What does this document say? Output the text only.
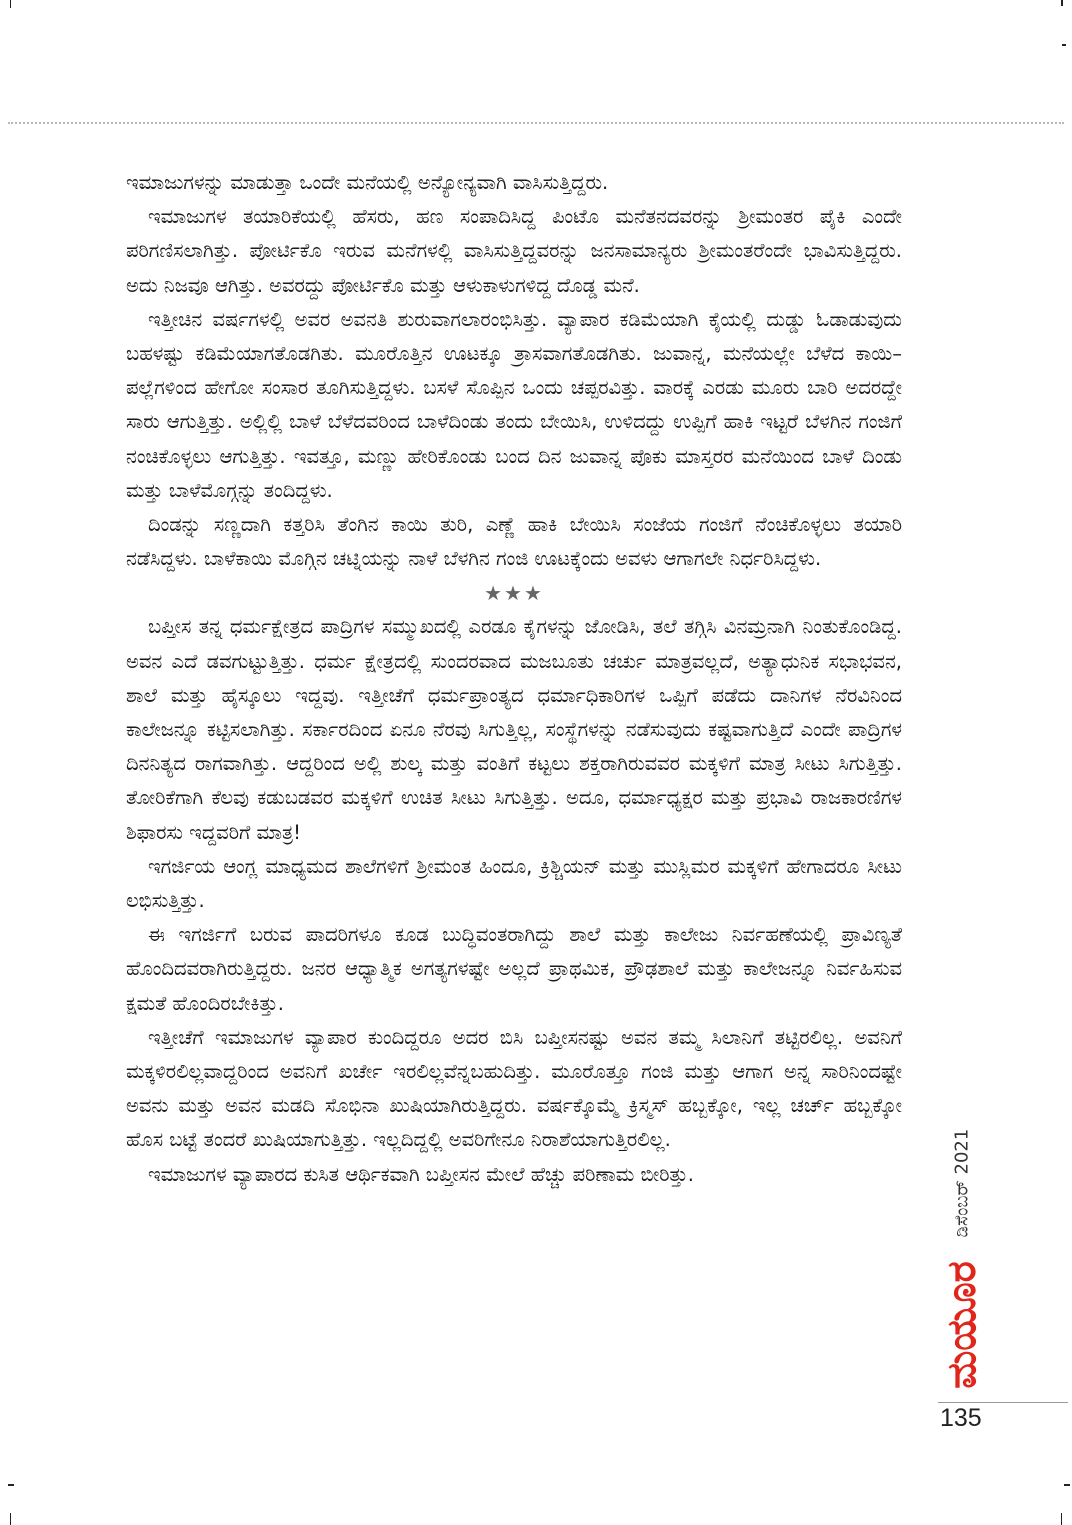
ಇಮಾಜುಗಳನ್ನು ಮಾಡುತ್ತಾ ಒಂದೇ ಮನೆಯಲ್ಲಿ ಅನ್ಯೋನ್ಯವಾಗಿ ವಾಸಿಸುತ್ತಿದ್ದರು.

ಇಮಾಜುಗಳ ತಯಾರಿಕೆಯಲ್ಲಿ ಹೆಸರು, ಹಣ ಸಂಪಾದಿಸಿದ್ದ ಪಿಂಟೊ ಮನೆತನದವರನ್ನು ಶ್ರೀಮಂತರ ಪೈಕಿ ಎಂದೇ ಪರಿಗಣಿಸಲಾಗಿತ್ತು. ಪೋರ್ಟಿಕೊ ಇರುವ ಮನೆಗಳಲ್ಲಿ ವಾಸಿಸುತ್ತಿದ್ದವರನ್ನು ಜನಸಾಮಾನ್ಯರು ಶ್ರೀಮಂತರೆಂದೇ ಭಾವಿಸುತ್ತಿದ್ದರು. ಅದು ನಿಜವೂ ಆಗಿತ್ತು. ಅವರದ್ದು ಪೋರ್ಟಿಕೊ ಮತ್ತು ಆಳುಕಾಳುಗಳಿದ್ದ ದೊಡ್ಡ ಮನೆ.

ಇತ್ತೀಚಿನ ವರ್ಷಗಳಲ್ಲಿ ಅವರ ಅವನತಿ ಶುರುವಾಗಲಾರಂಭಿಸಿತ್ತು. ವ್ಯಾಪಾರ ಕಡಿಮೆಯಾಗಿ ಕೈಯಲ್ಲಿ ದುಡ್ಡು ಓಡಾಡುವುದು ಬಹಳಷ್ಟು ಕಡಿಮೆಯಾಗತೊಡಗಿತು. ಮೂರೊತ್ತಿನ ಊಟಕ್ಕೂ ತ್ರಾಸವಾಗತೊಡಗಿತು. ಜುವಾನ್ನ, ಮನೆಯಲ್ಲೇ ಬೆಳೆದ ಕಾಯಿ–ಪಲ್ಲೆಗಳಿಂದ ಹೇಗೋ ಸಂಸಾರ ತೂಗಿಸುತ್ತಿದ್ದಳು. ಬಸಳೆ ಸೊಪ್ಪಿನ ಒಂದು ಚಪ್ಪರವಿತ್ತು. ವಾರಕ್ಕೆ ಎರಡು ಮೂರು ಬಾರಿ ಅದರದ್ದೇ ಸಾರು ಆಗುತ್ತಿತ್ತು. ಅಲ್ಲಿಲ್ಲಿ ಬಾಳೆ ಬೆಳೆದವರಿಂದ ಬಾಳೆದಿಂಡು ತಂದು ಬೇಯಿಸಿ, ಉಳಿದದ್ದು ಉಪ್ಪಿಗೆ ಹಾಕಿ ಇಟ್ಟರೆ ಬೆಳಗಿನ ಗಂಜಿಗೆ ನಂಚಿಕೊಳ್ಳಲು ಆಗುತ್ತಿತ್ತು. ಇವತ್ತೂ, ಮಣ್ಣು ಹೇರಿಕೊಂಡು ಬಂದ ದಿನ ಜುವಾನ್ನ ಪೊಕು ಮಾಸ್ತರರ ಮನೆಯಿಂದ ಬಾಳೆ ದಿಂಡು ಮತ್ತು ಬಾಳೆಮೊಗ್ಗನ್ನು ತಂದಿದ್ದಳು.

ದಿಂಡನ್ನು ಸಣ್ಣದಾಗಿ ಕತ್ತರಿಸಿ ತೆಂಗಿನ ಕಾಯಿ ತುರಿ, ಎಣ್ಣೆ ಹಾಕಿ ಬೇಯಿಸಿ ಸಂಜೆಯ ಗಂಜಿಗೆ ನೆಂಚಿಕೊಳ್ಳಲು ತಯಾರಿ ನಡೆಸಿದ್ದಳು. ಬಾಳೆಕಾಯಿ ಮೊಗ್ಗಿನ ಚಟ್ನಿಯನ್ನು ನಾಳೆ ಬೆಳಗಿನ ಗಂಜಿ ಊಟಕ್ಕೆಂದು ಅವಳು ಆಗಾಗಲೇ ನಿರ್ಧರಿಸಿದ್ದಳು.

★★★

ಬಪ್ತೀಸ ತನ್ನ ಧರ್ಮಕ್ಷೇತ್ರದ ಪಾದ್ರಿಗಳ ಸಮ್ಮುಖದಲ್ಲಿ ಎರಡೂ ಕೈಗಳನ್ನು ಜೋಡಿಸಿ, ತಲೆ ತಗ್ಗಿಸಿ ವಿನಮ್ರನಾಗಿ ನಿಂತುಕೊಂಡಿದ್ದ. ಅವನ ಎದೆ ಡವಗುಟ್ಟುತ್ತಿತ್ತು. ಧರ್ಮ ಕ್ಷೇತ್ರದಲ್ಲಿ ಸುಂದರವಾದ ಮಜಬೂತು ಚರ್ಚು ಮಾತ್ರವಲ್ಲದೆ, ಅತ್ಯಾಧುನಿಕ ಸಭಾಭವನ, ಶಾಲೆ ಮತ್ತು ಹೈಸ್ಕೂಲು ಇದ್ದವು. ಇತ್ತೀಚೆಗೆ ಧರ್ಮಪ್ರಾಂತ್ಯದ ಧರ್ಮಾಧಿಕಾರಿಗಳ ಒಪ್ಪಿಗೆ ಪಡೆದು ದಾನಿಗಳ ನೆರವಿನಿಂದ ಕಾಲೇಜನ್ನೂ ಕಟ್ಟಿಸಲಾಗಿತ್ತು. ಸರ್ಕಾರದಿಂದ ಏನೂ ನೆರವು ಸಿಗುತ್ತಿಲ್ಲ, ಸಂಸ್ಥೆಗಳನ್ನು ನಡೆಸುವುದು ಕಷ್ಟವಾಗುತ್ತಿದೆ ಎಂದೇ ಪಾದ್ರಿಗಳ ದಿನನಿತ್ಯದ ರಾಗವಾಗಿತ್ತು. ಆದ್ದರಿಂದ ಅಲ್ಲಿ ಶುಲ್ಕ ಮತ್ತು ವಂತಿಗೆ ಕಟ್ಟಲು ಶಕ್ತರಾಗಿರುವವರ ಮಕ್ಕಳಿಗೆ ಮಾತ್ರ ಸೀಟು ಸಿಗುತ್ತಿತ್ತು. ತೋರಿಕೆಗಾಗಿ ಕೆಲವು ಕಡುಬಡವರ ಮಕ್ಕಳಿಗೆ ಉಚಿತ ಸೀಟು ಸಿಗುತ್ತಿತ್ತು. ಅದೂ, ಧರ್ಮಾಧ್ಯಕ್ಷರ ಮತ್ತು ಪ್ರಭಾವಿ ರಾಜಕಾರಣಿಗಳ ಶಿಫಾರಸು ಇದ್ದವರಿಗೆ ಮಾತ್ರ!

ಇಗರ್ಜಿಯ ಆಂಗ್ಲ ಮಾಧ್ಯಮದ ಶಾಲೆಗಳಿಗೆ ಶ್ರೀಮಂತ ಹಿಂದೂ, ಕ್ರಿಶ್ಚಿಯನ್ ಮತ್ತು ಮುಸ್ಲಿಮರ ಮಕ್ಕಳಿಗೆ ಹೇಗಾದರೂ ಸೀಟು ಲಭಿಸುತ್ತಿತ್ತು.

ಈ ಇಗರ್ಜಿಗೆ ಬರುವ ಪಾದರಿಗಳೂ ಕೂಡ ಬುದ್ಧಿವಂತರಾಗಿದ್ದು ಶಾಲೆ ಮತ್ತು ಕಾಲೇಜು ನಿರ್ವಹಣೆಯಲ್ಲಿ ಪ್ರಾವಿಣ್ಯತೆ ಹೊಂದಿದವರಾಗಿರುತ್ತಿದ್ದರು. ಜನರ ಆಧ್ಯಾತ್ಮಿಕ ಅಗತ್ಯಗಳಷ್ಟೇ ಅಲ್ಲದೆ ಪ್ರಾಥಮಿಕ, ಪ್ರೌಢಶಾಲೆ ಮತ್ತು ಕಾಲೇಜನ್ನೂ ನಿರ್ವಹಿಸುವ ಕ್ಷಮತೆ ಹೊಂದಿರಬೇಕಿತ್ತು.

ಇತ್ತೀಚೆಗೆ ಇಮಾಜುಗಳ ವ್ಯಾಪಾರ ಕುಂದಿದ್ದರೂ ಅದರ ಬಿಸಿ ಬಪ್ತೀಸನಷ್ಟು ಅವನ ತಮ್ಮ ಸಿಲಾನಿಗೆ ತಟ್ಟಿರಲಿಲ್ಲ. ಅವನಿಗೆ ಮಕ್ಕಳಿರಲಿಲ್ಲವಾದ್ದರಿಂದ ಅವನಿಗೆ ಖರ್ಚೇ ಇರಲಿಲ್ಲವೆನ್ನಬಹುದಿತ್ತು. ಮೂರೊತ್ತೂ ಗಂಜಿ ಮತ್ತು ಆಗಾಗ ಅನ್ನ ಸಾರಿನಿಂದಷ್ಟೇ ಅವನು ಮತ್ತು ಅವನ ಮಡದಿ ಸೊಭಿನಾ ಖುಷಿಯಾಗಿರುತ್ತಿದ್ದರು. ವರ್ಷಕ್ಕೊಮ್ಮೆ ಕ್ರಿಸ್ಮಸ್ ಹಬ್ಬಕ್ಕೋ, ಇಲ್ಲ ಚರ್ಚ್ ಹಬ್ಬಕ್ಕೋ ಹೊಸ ಬಟ್ಟೆ ತಂದರೆ ಖುಷಿಯಾಗುತ್ತಿತ್ತು. ಇಲ್ಲದಿದ್ದಲ್ಲಿ ಅವರಿಗೇನೂ ನಿರಾಶೆಯಾಗುತ್ತಿರಲಿಲ್ಲ.

ಇಮಾಜುಗಳ ವ್ಯಾಪಾರದ ಕುಸಿತ ಆರ್ಥಿಕವಾಗಿ ಬಪ್ತೀಸನ ಮೇಲೆ ಹೆಚ್ಚು ಪರಿಣಾಮ ಬೀರಿತ್ತು.	ಡಿಸೆಂಬರ್ 2021
ಮಯೂರ
135
